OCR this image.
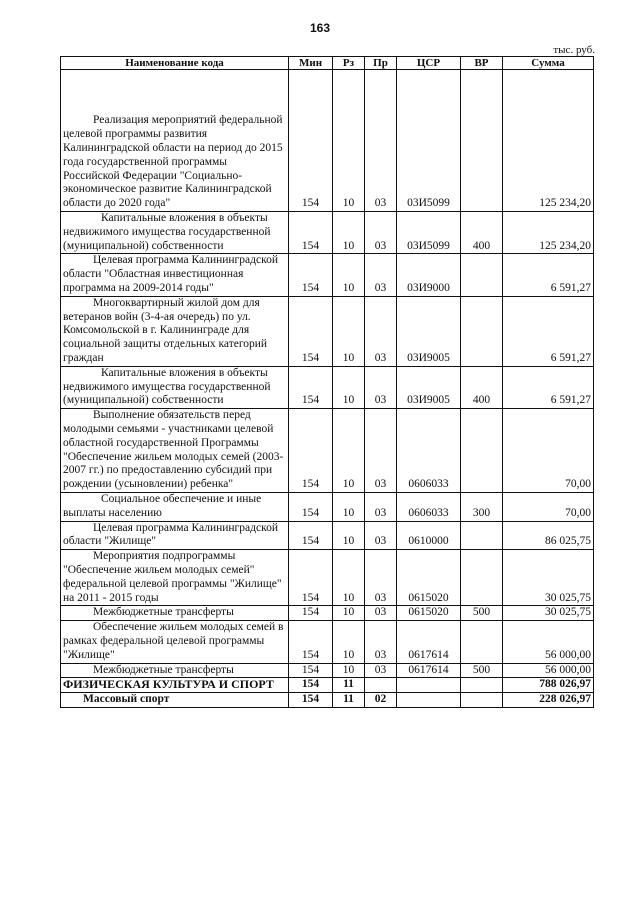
163
тыс. руб.
Наименование кода	Мин	Рз	Пр	ЦСР	ВР	Сумма
Реализация мероприятий федеральной целевой программы развития Калининградской области на период до 2015 года государственной программы Российской Федерации "Социально-экономическое развитие Калининградской области до 2020 года"	154	10	03	03И5099		125 234,20
Капитальные вложения в объекты недвижимого имущества государственной (муниципальной) собственности	154	10	03	03И5099	400	125 234,20
Целевая программа Калининградской области "Областная инвестиционная программа на 2009-2014 годы"	154	10	03	03И9000		6 591,27
Многоквартирный жилой дом для ветеранов войн (3-4-ая очередь) по ул. Комсомольской в г. Калининграде для социальной защиты отдельных категорий граждан	154	10	03	03И9005		6 591,27
Капитальные вложения в объекты недвижимого имущества государственной (муниципальной) собственности	154	10	03	03И9005	400	6 591,27
Выполнение обязательств перед молодыми семьями - участниками целевой областной государственной Программы "Обеспечение жильем молодых семей (2003-2007 гг.) по предоставлению субсидий при рождении (усыновлении) ребенка"	154	10	03	0606033		70,00
Социальное обеспечение и иные выплаты населению	154	10	03	0606033	300	70,00
Целевая программа Калининградской области "Жилище"	154	10	03	0610000		86 025,75
Мероприятия подпрограммы "Обеспечение жильем молодых семей" федеральной целевой программы "Жилище" на 2011 - 2015 годы	154	10	03	0615020		30 025,75
Межбюджетные трансферты	154	10	03	0615020	500	30 025,75
Обеспечение жильем молодых семей в рамках федеральной целевой программы "Жилище"	154	10	03	0617614		56 000,00
Межбюджетные трансферты	154	10	03	0617614	500	56 000,00
ФИЗИЧЕСКАЯ КУЛЬТУРА И СПОРТ	154	11				788 026,97
Массовый спорт	154	11	02			228 026,97
